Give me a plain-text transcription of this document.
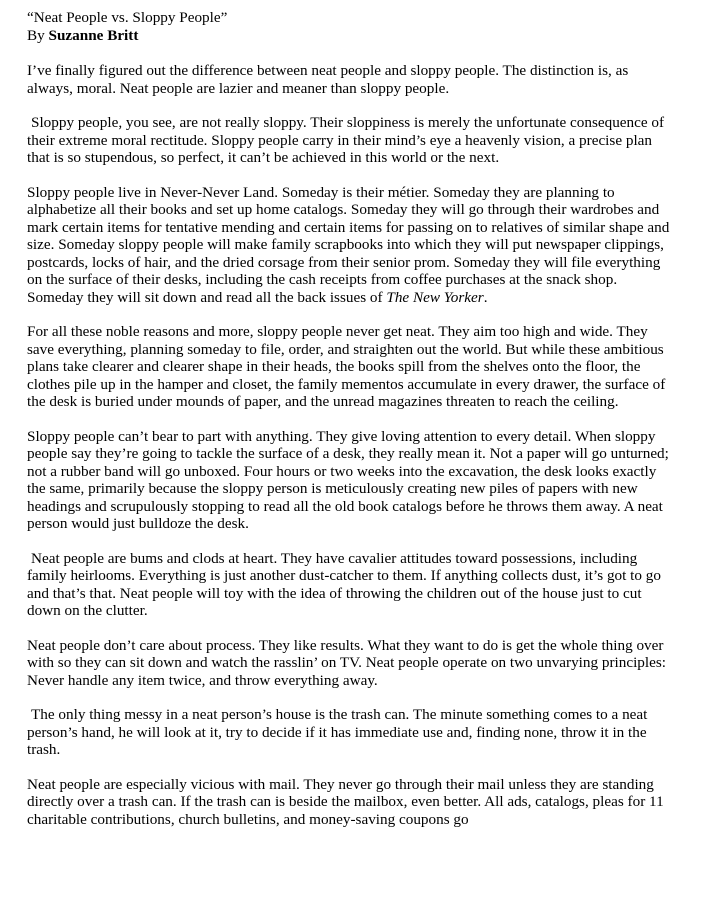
“Neat People vs. Sloppy People”
By Suzanne Britt

I’ve finally figured out the difference between neat people and sloppy people. The distinction is, as always, moral. Neat people are lazier and meaner than sloppy people.

Sloppy people, you see, are not really sloppy. Their sloppiness is merely the unfortunate consequence of their extreme moral rectitude. Sloppy people carry in their mind’s eye a heavenly vision, a precise plan that is so stupendous, so perfect, it can’t be achieved in this world or the next.

Sloppy people live in Never-Never Land. Someday is their métier. Someday they are planning to alphabetize all their books and set up home catalogs. Someday they will go through their wardrobes and mark certain items for tentative mending and certain items for passing on to relatives of similar shape and size. Someday sloppy people will make family scrapbooks into which they will put newspaper clippings, postcards, locks of hair, and the dried corsage from their senior prom. Someday they will file everything on the surface of their desks, including the cash receipts from coffee purchases at the snack shop. Someday they will sit down and read all the back issues of The New Yorker.

For all these noble reasons and more, sloppy people never get neat. They aim too high and wide. They save everything, planning someday to file, order, and straighten out the world. But while these ambitious plans take clearer and clearer shape in their heads, the books spill from the shelves onto the floor, the clothes pile up in the hamper and closet, the family mementos accumulate in every drawer, the surface of the desk is buried under mounds of paper, and the unread magazines threaten to reach the ceiling.

Sloppy people can’t bear to part with anything. They give loving attention to every detail. When sloppy people say they’re going to tackle the surface of a desk, they really mean it. Not a paper will go unturned; not a rubber band will go unboxed. Four hours or two weeks into the excavation, the desk looks exactly the same, primarily because the sloppy person is meticulously creating new piles of papers with new headings and scrupulously stopping to read all the old book catalogs before he throws them away. A neat person would just bulldoze the desk.

Neat people are bums and clods at heart. They have cavalier attitudes toward possessions, including family heirlooms. Everything is just another dust-catcher to them. If anything collects dust, it’s got to go and that’s that. Neat people will toy with the idea of throwing the children out of the house just to cut down on the clutter.

Neat people don’t care about process. They like results. What they want to do is get the whole thing over with so they can sit down and watch the rasslin’ on TV. Neat people operate on two unvarying principles: Never handle any item twice, and throw everything away.

The only thing messy in a neat person’s house is the trash can. The minute something comes to a neat person’s hand, he will look at it, try to decide if it has immediate use and, finding none, throw it in the trash.

Neat people are especially vicious with mail. They never go through their mail unless they are standing directly over a trash can. If the trash can is beside the mailbox, even better. All ads, catalogs, pleas for 11 charitable contributions, church bulletins, and money-saving coupons go
